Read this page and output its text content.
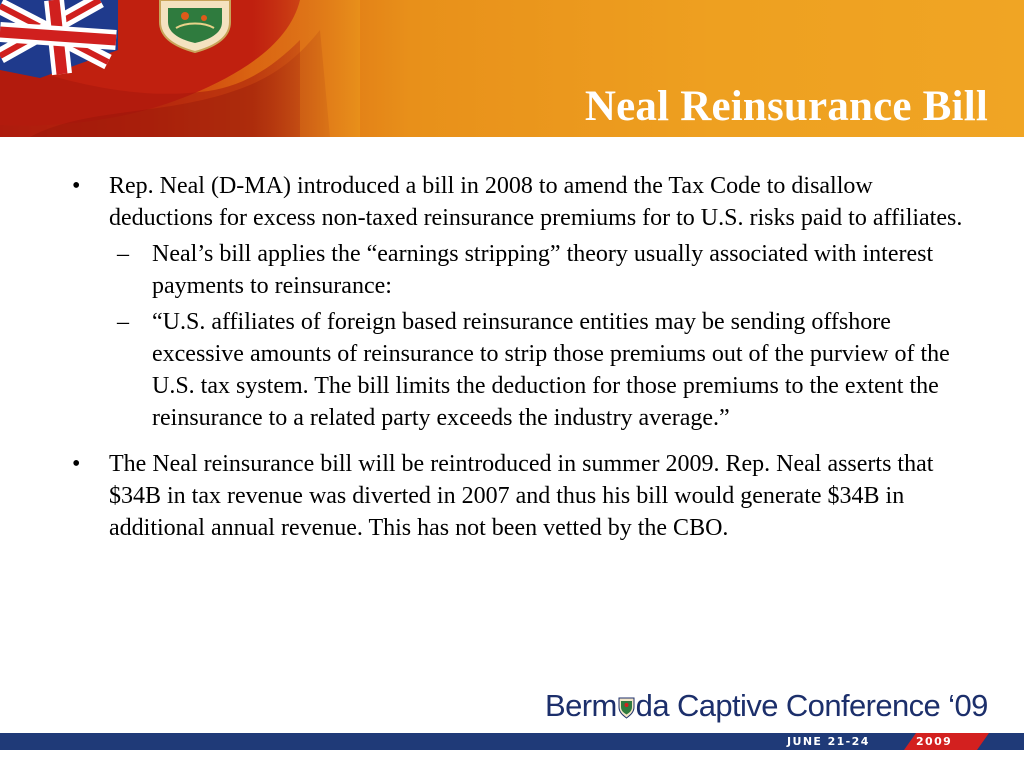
Neal Reinsurance Bill
• Rep. Neal (D-MA) introduced a bill in 2008 to amend the Tax Code to disallow deductions for excess non-taxed reinsurance premiums for to U.S. risks paid to affiliates.
– Neal’s bill applies the “earnings stripping” theory usually associated with interest payments to reinsurance:
– “U.S. affiliates of foreign based reinsurance entities may be sending offshore excessive amounts of reinsurance to strip those premiums out of the purview of the U.S. tax system. The bill limits the deduction for those premiums to the extent the reinsurance to a related party exceeds the industry average.”
• The Neal reinsurance bill will be reintroduced in summer 2009. Rep. Neal asserts that $34B in tax revenue was diverted in 2007 and thus his bill would generate $34B in additional annual revenue. This has not been vetted by the CBO.
Berm da Captive Conference ‘09
JUNE 21-24	2009
